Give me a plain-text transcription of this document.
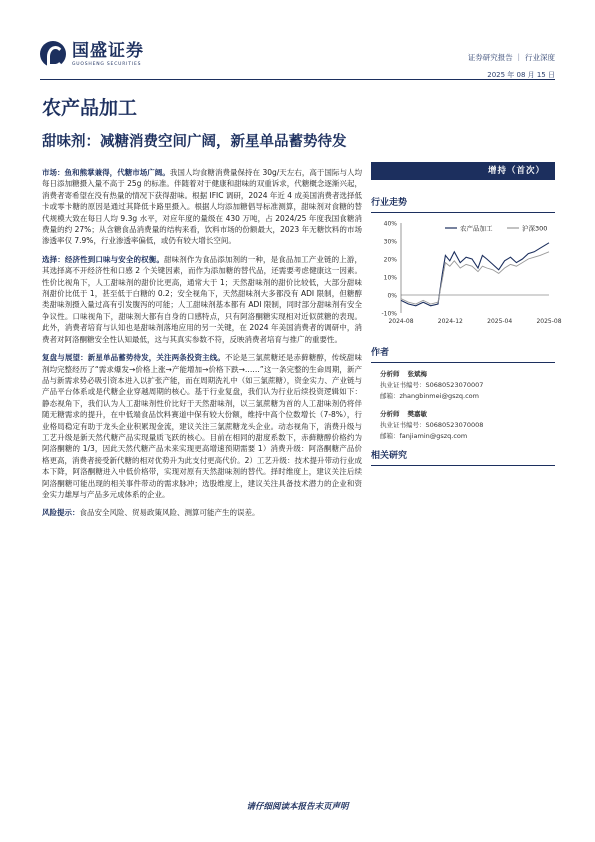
国盛证券
GUOSHENG SECURITIES
证券研究报告 ｜ 行业深度
2025 年 08 月 15 日
农产品加工
甜味剂：减糖消费空间广阔，新星单品蓄势待发

市场：鱼和熊掌兼得，代糖市场广阔。我国人均食糖消费量保持在 30g/天左右，高于国际与人均每日添加糖摄入量不高于 25g 的标准。伴随着对于健康和甜味的双重诉求，代糖概念逐渐兴起，消费者寄希望在没有热量的情况下获得甜味。根据 IFIC 调研，2024 年近 4 成美国消费者选择低卡或零卡糖的原因是通过其降低卡路里摄入。根据人均添加糖倡导标准测算，甜味剂对食糖的替代规模大致在每日人均 9.3g 水平，对应年度的量级在 430 万吨，占 2024/25 年度我国食糖消费量的约 27%；从含糖食品消费量的结构来看，饮料市场的份额最大，2023 年无糖饮料的市场渗透率仅 7.9%，行业渗透率偏低，或仍有较大增长空间。

选择：经济性到口味与安全的权衡。甜味剂作为食品添加剂的一种，是食品加工产业链的上游，其选择离不开经济性和口感 2 个关键因素，而作为添加糖的替代品，还需要考虑健康这一因素。性价比视角下，人工甜味剂的甜价比更高，通常大于 1；天然甜味剂的甜价比较低，大部分甜味剂甜价比低于 1，甚至低于白糖的 0.2；安全视角下，天然甜味剂大多都没有 ADI 限制，但糖醇类甜味剂摄入量过高有引发腹泻的可能；人工甜味剂基本都有 ADI 限制，同时部分甜味剂有安全争议性。口味视角下，甜味剂大都有自身的口感特点，只有阿洛酮糖实现相对近似蔗糖的表现。此外，消费者培育与认知也是甜味剂落地应用的另一关键，在 2024 年美国消费者的调研中，消费者对阿洛酮糖安全性认知最低，这与其真实参数不符，反映消费者培育与推广的重要性。

复盘与展望：新星单品蓄势待发，关注两条投资主线。不论是三氯蔗糖还是赤藓糖醇，传统甜味剂均完整经历了“需求爆发→价格上涨→产能增加→价格下跌→……”这一条完整的生命周期，新产品与新需求势必吸引资本进入以扩张产能，而在周期洗礼中（如三氯蔗糖），资金实力、产业链与产品平台体系或是代糖企业穿越周期的核心。基于行业复盘，我们认为行业后续投资逻辑如下：静态视角下，我们认为人工甜味剂性价比好于天然甜味剂，以三氯蔗糖为首的人工甜味剂仍将伴随无糖需求的提升，在中低端食品饮料赛道中保有较大份额，维持中高个位数增长（7-8%），行业格局稳定有助于龙头企业积累现金流，建议关注三氯蔗糖龙头企业。动态视角下，消费升级与工艺升级是新天然代糖产品实现量质飞跃的核心。目前在相同的甜度系数下，赤藓糖醇价格约为阿洛酮糖的 1/3，因此天然代糖产品未来实现更高增速预期需要 1）消费升级：阿洛酮糖产品价格更高，消费者接受新代糖的相对优势升为此支付更高代价。2）工艺升级：技术提升带动行业成本下降，阿洛酮糖进入中低价格带，实现对原有天然甜味剂的替代。择时维度上，建议关注后续阿洛酮糖可能出现的相关事件带动的需求脉冲；选股维度上，建议关注具备技术潜力的企业和资金实力雄厚与产品多元成体系的企业。

风险提示：食品安全风险、贸易政策风险、测算可能产生的误差。

增持（首次）
行业走势
40%
30%
20%
10%
0%
-10%
2024-08	2024-12	2025-04	2025-08
农产品加工	沪深300
作者
分析师 张斌梅
执业证书编号：S0680523070007
邮箱：zhangbinmei@gszq.com
分析师 樊嘉敏
执业证书编号：S0680523070008
邮箱：fanjiamin@gszq.com
相关研究
请仔细阅读本报告末页声明
